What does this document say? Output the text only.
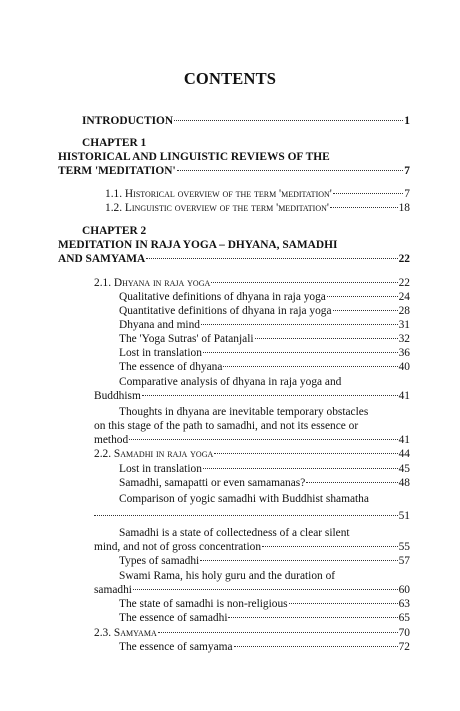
CONTENTS
INTRODUCTION	1
CHAPTER 1
HISTORICAL AND LINGUISTIC REVIEWS OF THE
TERM 'MEDITATION'	7
1.1. Historical overview of the term 'meditation'	7
1.2. Linguistic overview of the term 'meditation'	18
CHAPTER 2
MEDITATION IN RAJA YOGA – DHYANA, SAMADHI
AND SAMYAMA	22
2.1. Dhyana in raja yoga	22
Qualitative definitions of dhyana in raja yoga	24
Quantitative definitions of dhyana in raja yoga	28
Dhyana and mind	31
The 'Yoga Sutras' of Patanjali	32
Lost in translation	36
The essence of dhyana	40
Comparative analysis of dhyana in raja yoga and
Buddhism	41
Thoughts in dhyana are inevitable temporary obstacles
on this stage of the path to samadhi, and not its essence or
method	41
2.2. Samadhi in raja yoga	44
Lost in translation	45
Samadhi, samapatti or even samamanas?	48
Comparison of yogic samadhi with Buddhist shamatha
51
Samadhi is a state of collectedness of a clear silent
mind, and not of gross concentration	55
Types of samadhi	57
Swami Rama, his holy guru and the duration of
samadhi	60
The state of samadhi is non-religious	63
The essence of samadhi	65
2.3. Samyama	70
The essence of samyama	72
